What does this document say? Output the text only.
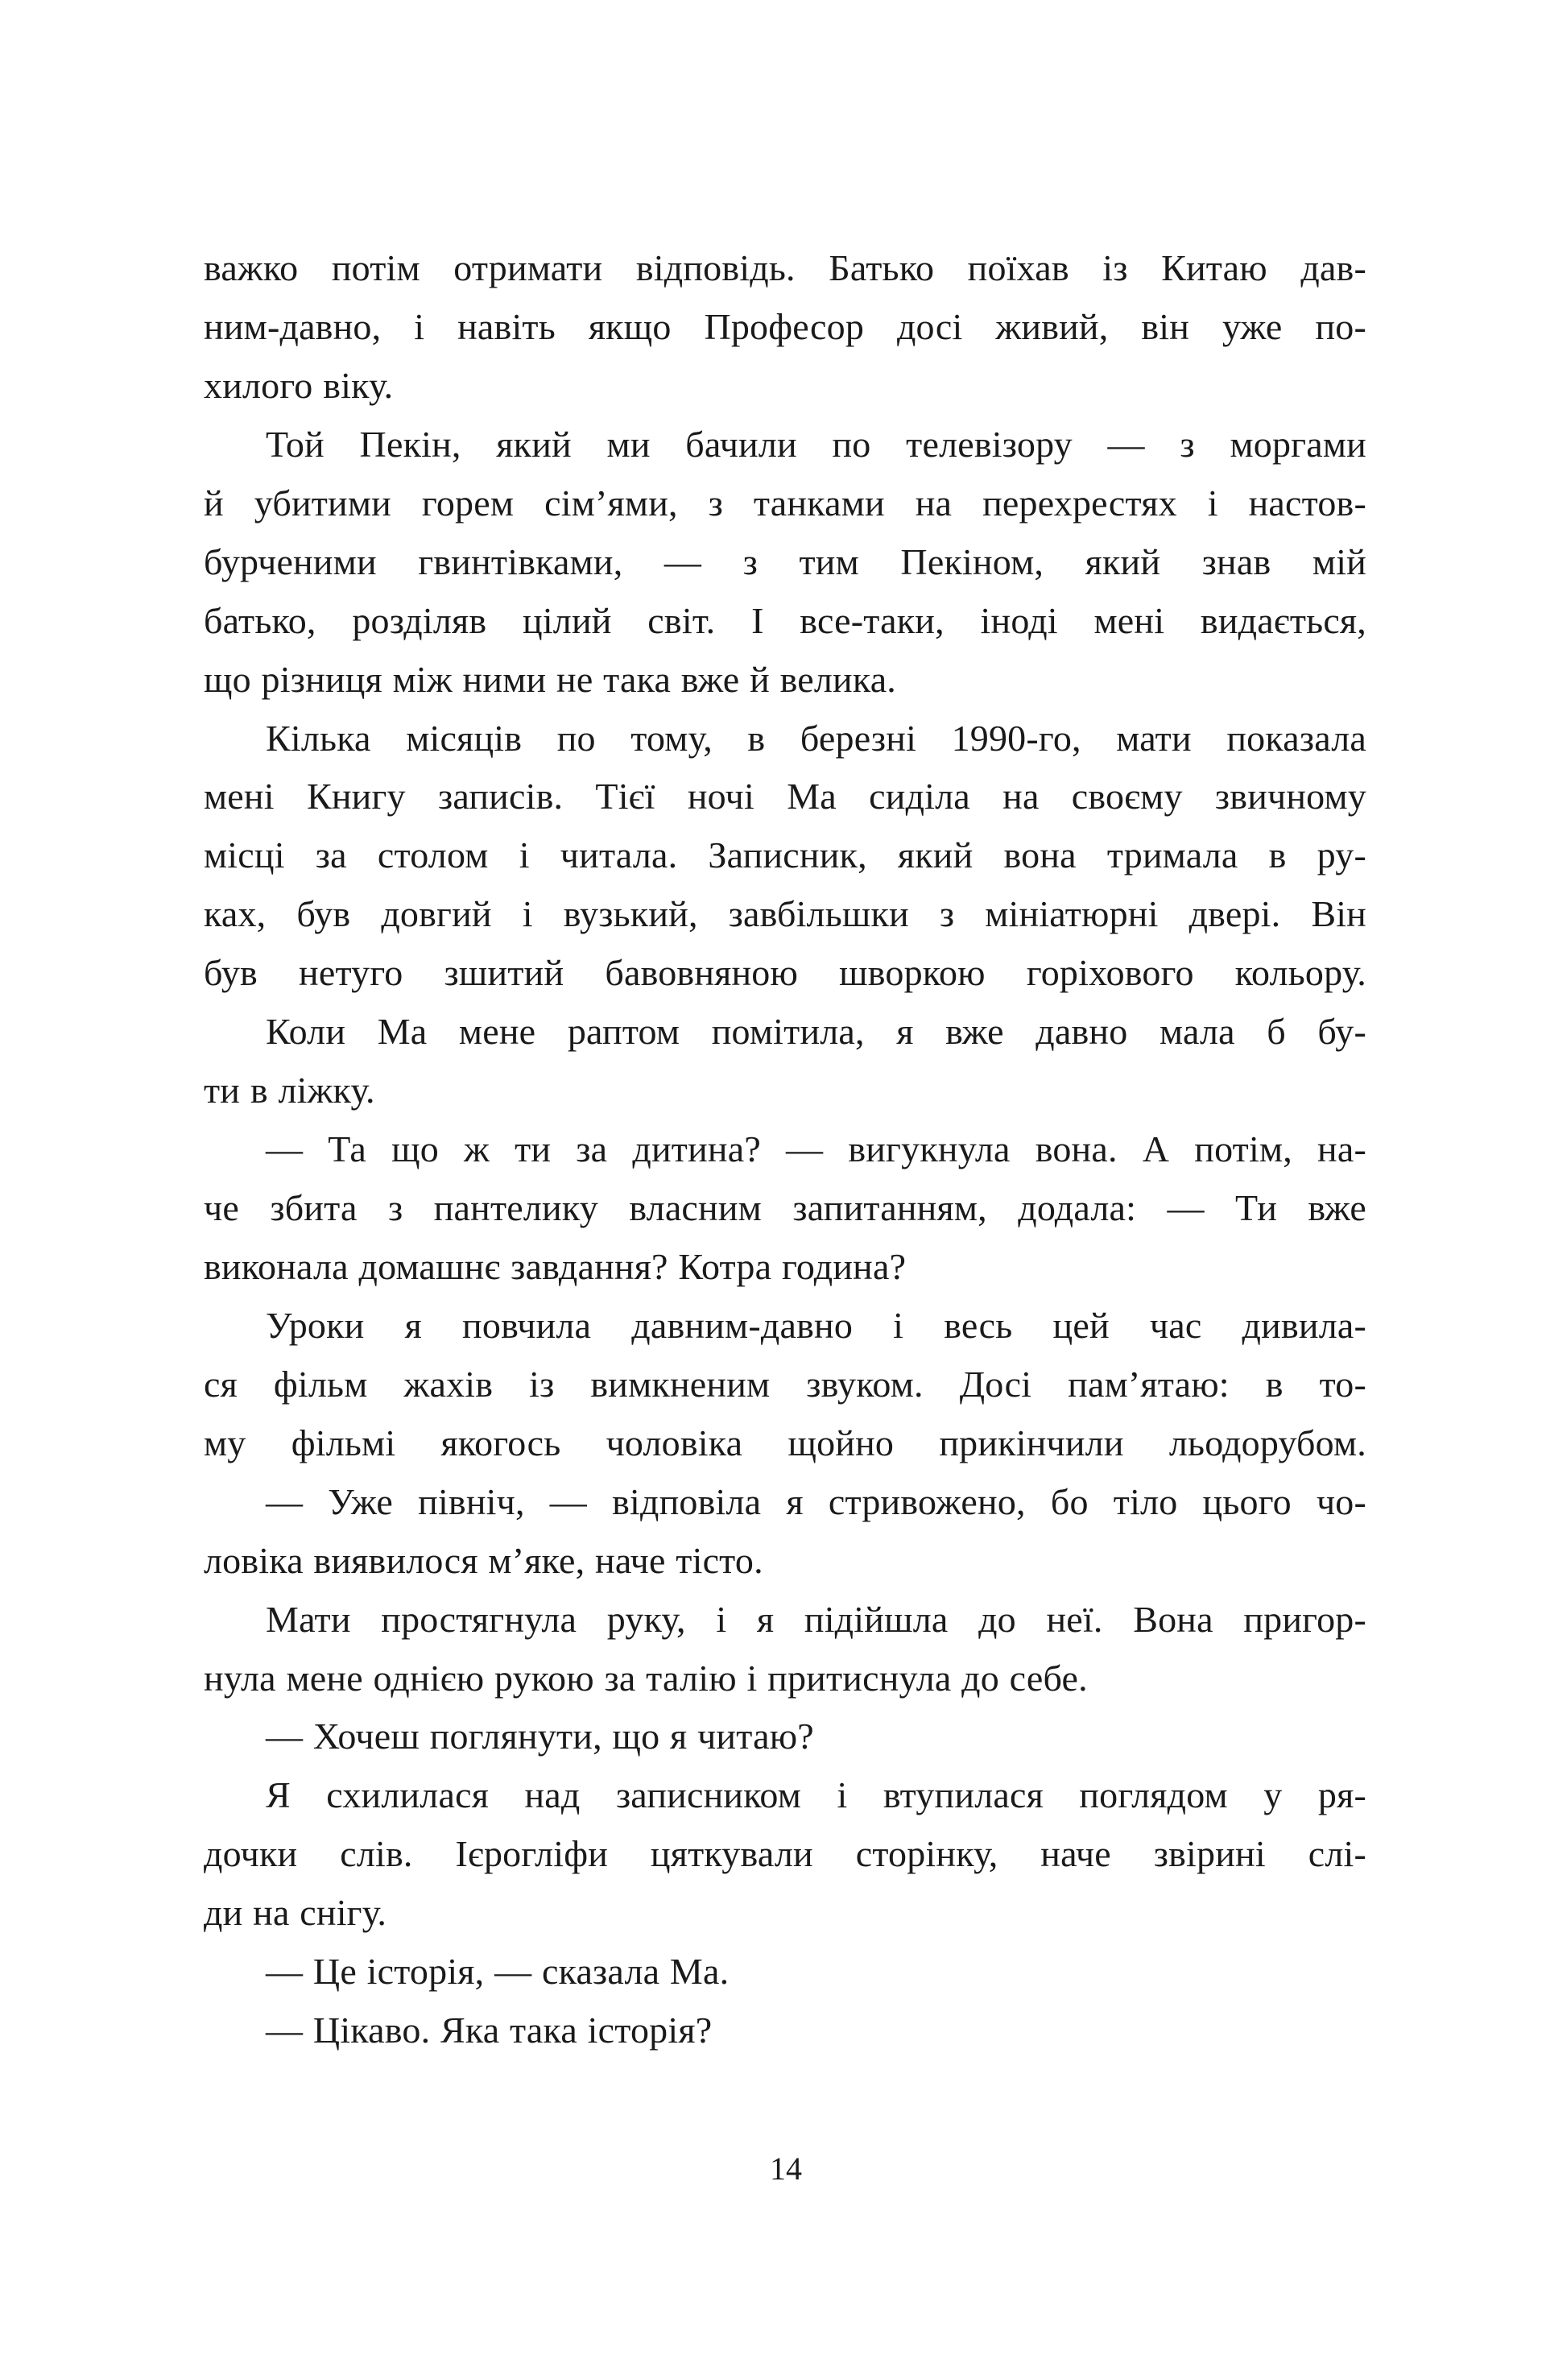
важко потім отримати відповідь. Батько поїхав із Китаю дав-
ним-давно, і навіть якщо Професор досі живий, він уже по-
хилого віку.
Той Пекін, який ми бачили по телевізору — з моргами
й убитими горем сім’ями, з танками на перехрестях і настов-
бурченими гвинтівками, — з тим Пекіном, який знав мій
батько, розділяв цілий світ. І все-таки, іноді мені видається,
що різниця між ними не така вже й велика.
Кілька місяців по тому, в березні 1990-го, мати показала
мені Книгу записів. Тієї ночі Ма сиділа на своєму звичному
місці за столом і читала. Записник, який вона тримала в ру-
ках, був довгий і вузький, завбільшки з мініатюрні двері. Він
був нетуго зшитий бавовняною шворкою горіхового кольору.
Коли Ма мене раптом помітила, я вже давно мала б бу-
ти в ліжку.
— Та що ж ти за дитина? — вигукнула вона. А потім, на-
че збита з пантелику власним запитанням, додала: — Ти вже
виконала домашнє завдання? Котра година?
Уроки я повчила давним-давно і весь цей час дивила-
ся фільм жахів із вимкненим звуком. Досі пам’ятаю: в то-
му фільмі якогось чоловіка щойно прикінчили льодорубом.
— Уже північ, — відповіла я стривожено, бо тіло цього чо-
ловіка виявилося м’яке, наче тісто.
Мати простягнула руку, і я підійшла до неї. Вона пригор-
нула мене однією рукою за талію і притиснула до себе.
— Хочеш поглянути, що я читаю?
Я схилилася над записником і втупилася поглядом у ря-
дочки слів. Ієрогліфи цяткували сторінку, наче звірині слі-
ди на снігу.
— Це історія, — сказала Ма.
— Цікаво. Яка така історія?
14
